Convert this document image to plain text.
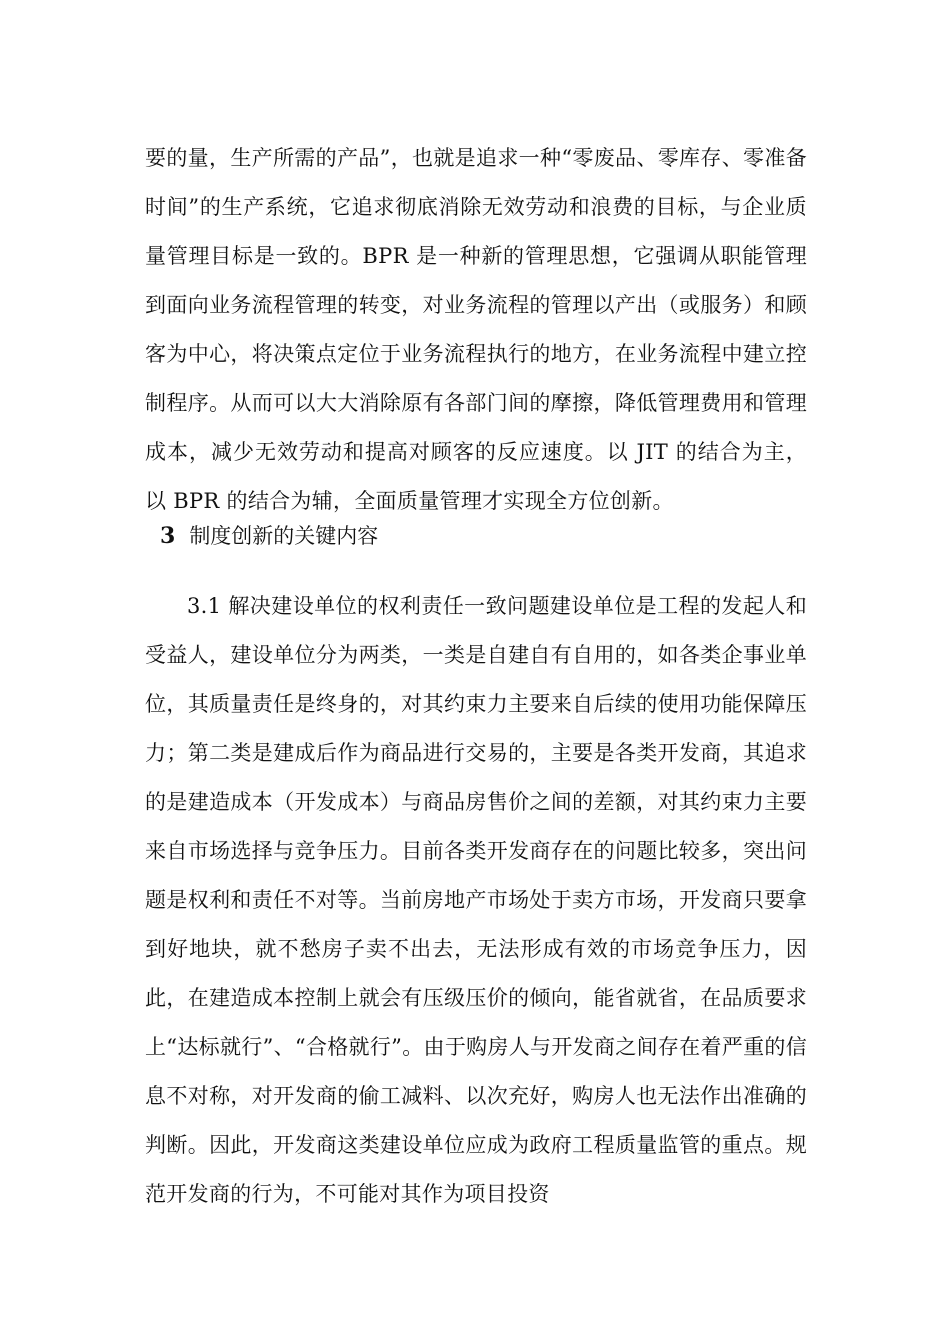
要的量，生产所需的产品”，也就是追求一种“零废品、零库存、零准备时间”的生产系统，它追求彻底消除无效劳动和浪费的目标，与企业质量管理目标是一致的。BPR 是一种新的管理思想，它强调从职能管理到面向业务流程管理的转变，对业务流程的管理以产出（或服务）和顾客为中心，将决策点定位于业务流程执行的地方，在业务流程中建立控制程序。从而可以大大消除原有各部门间的摩擦，降低管理费用和管理成本，减少无效劳动和提高对顾客的反应速度。以 JIT 的结合为主，以 BPR 的结合为辅，全面质量管理才实现全方位创新。

3 制度创新的关键内容

3.1 解决建设单位的权利责任一致问题建设单位是工程的发起人和受益人，建设单位分为两类，一类是自建自有自用的，如各类企事业单位，其质量责任是终身的，对其约束力主要来自后续的使用功能保障压力；第二类是建成后作为商品进行交易的，主要是各类开发商，其追求的是建造成本（开发成本）与商品房售价之间的差额，对其约束力主要来自市场选择与竞争压力。目前各类开发商存在的问题比较多，突出问题是权利和责任不对等。当前房地产市场处于卖方市场，开发商只要拿到好地块，就不愁房子卖不出去，无法形成有效的市场竞争压力，因此，在建造成本控制上就会有压级压价的倾向，能省就省，在品质要求上“达标就行”、“合格就行”。由于购房人与开发商之间存在着严重的信息不对称，对开发商的偷工减料、以次充好，购房人也无法作出准确的判断。因此，开发商这类建设单位应成为政府工程质量监管的重点。规范开发商的行为，不可能对其作为项目投资
